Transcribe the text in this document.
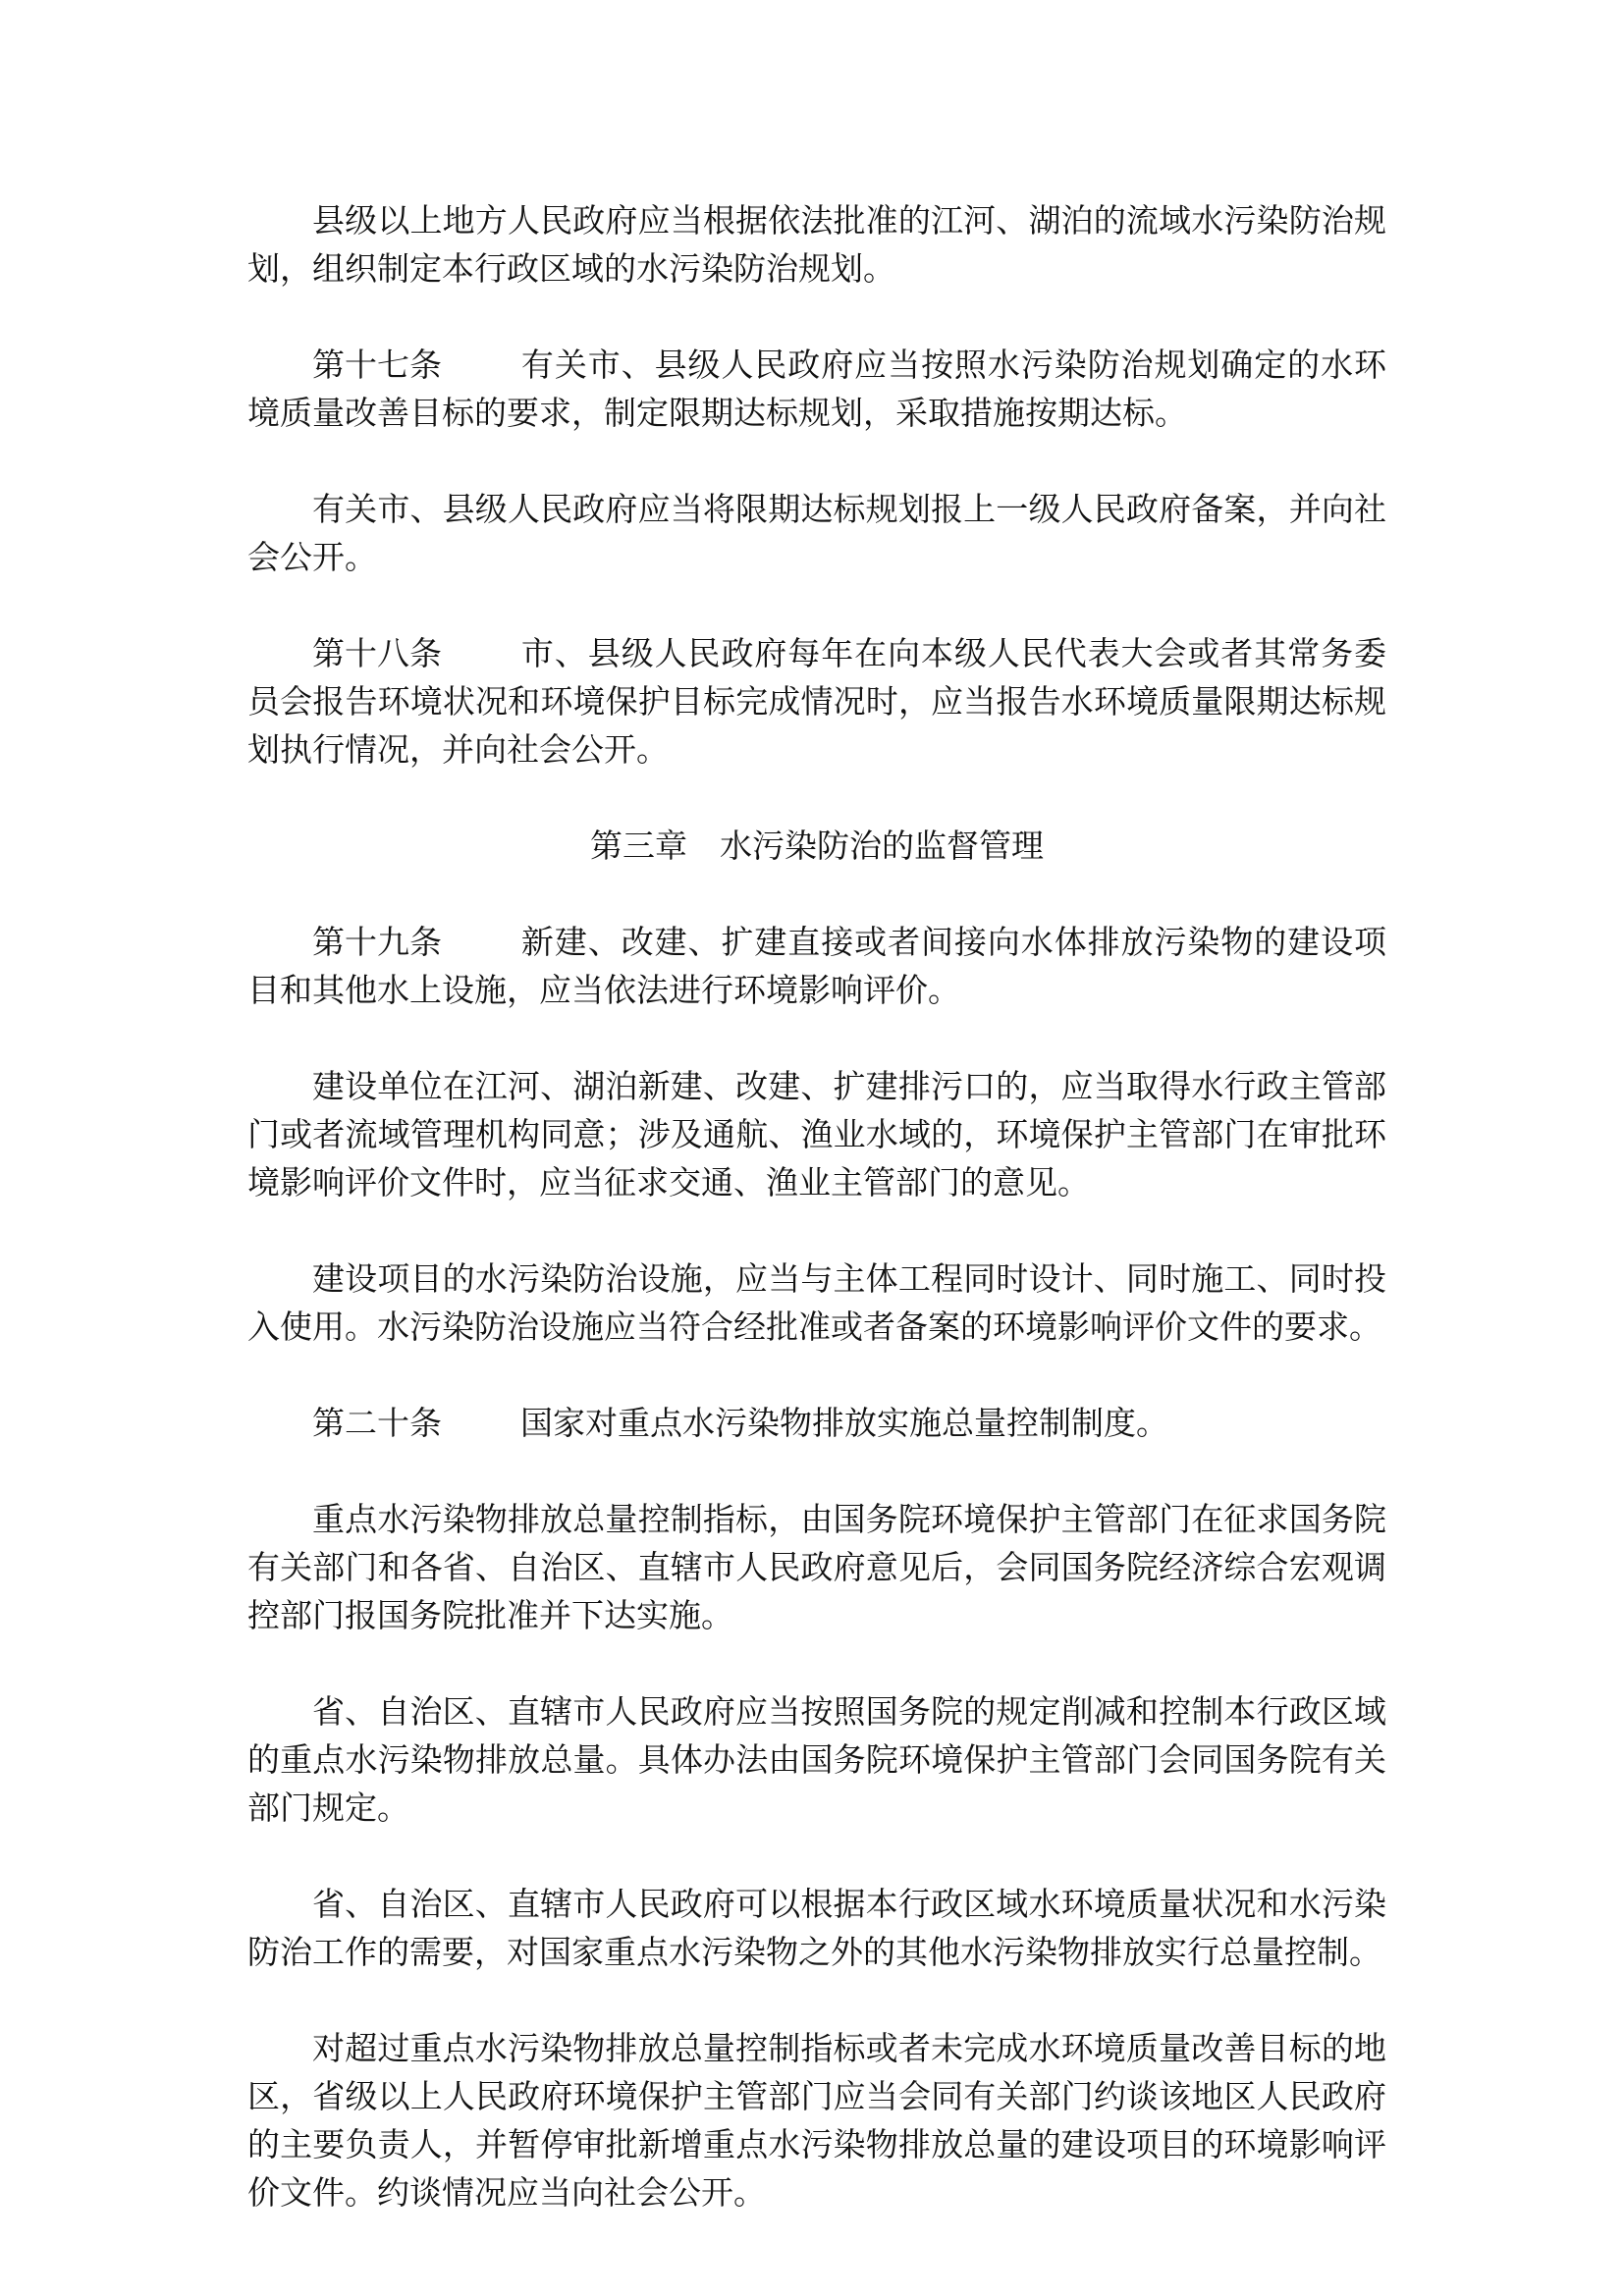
县级以上地方人民政府应当根据依法批准的江河、湖泊的流域水污染防治规划，组织制定本行政区域的水污染防治规划。

第十七条 有关市、县级人民政府应当按照水污染防治规划确定的水环境质量改善目标的要求，制定限期达标规划，采取措施按期达标。

有关市、县级人民政府应当将限期达标规划报上一级人民政府备案，并向社会公开。

第十八条 市、县级人民政府每年在向本级人民代表大会或者其常务委员会报告环境状况和环境保护目标完成情况时，应当报告水环境质量限期达标规划执行情况，并向社会公开。

第三章 水污染防治的监督管理

第十九条 新建、改建、扩建直接或者间接向水体排放污染物的建设项目和其他水上设施，应当依法进行环境影响评价。

建设单位在江河、湖泊新建、改建、扩建排污口的，应当取得水行政主管部门或者流域管理机构同意；涉及通航、渔业水域的，环境保护主管部门在审批环境影响评价文件时，应当征求交通、渔业主管部门的意见。

建设项目的水污染防治设施，应当与主体工程同时设计、同时施工、同时投入使用。水污染防治设施应当符合经批准或者备案的环境影响评价文件的要求。

第二十条 国家对重点水污染物排放实施总量控制制度。

重点水污染物排放总量控制指标，由国务院环境保护主管部门在征求国务院有关部门和各省、自治区、直辖市人民政府意见后，会同国务院经济综合宏观调控部门报国务院批准并下达实施。

省、自治区、直辖市人民政府应当按照国务院的规定削减和控制本行政区域的重点水污染物排放总量。具体办法由国务院环境保护主管部门会同国务院有关部门规定。

省、自治区、直辖市人民政府可以根据本行政区域水环境质量状况和水污染防治工作的需要，对国家重点水污染物之外的其他水污染物排放实行总量控制。

对超过重点水污染物排放总量控制指标或者未完成水环境质量改善目标的地区，省级以上人民政府环境保护主管部门应当会同有关部门约谈该地区人民政府的主要负责人，并暂停审批新增重点水污染物排放总量的建设项目的环境影响评价文件。约谈情况应当向社会公开。
